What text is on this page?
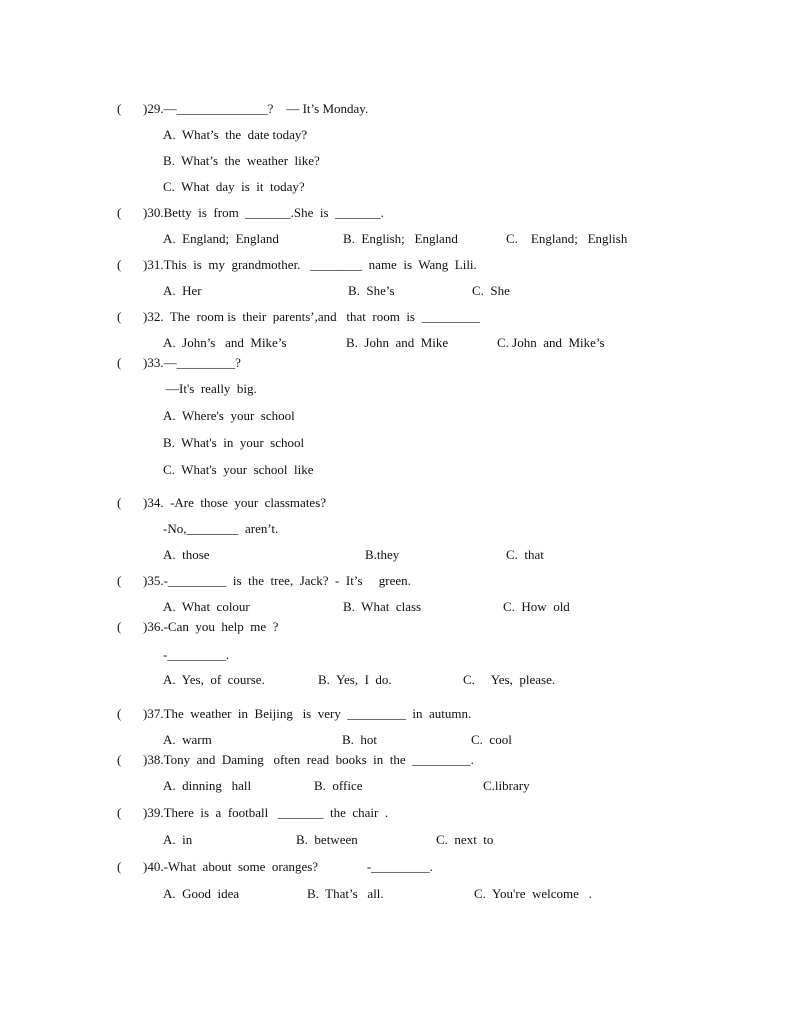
( )29.—______________?    — It’s Monday.
A.  What’s  the  date today?
B.  What’s  the  weather  like?
C.  What  day  is  it  today?
( )30.Betty  is  from  _______.She  is  _______.
A.  England;  England	B.  English;   England	C.    England;   English
( )31.This  is  my  grandmother.   ________  name  is  Wang  Lili.
A.  Her	B.  She’s	C.  She
( )32.  The  room is  their  parents’,and   that  room  is  _________
A.  John’s   and  Mike’s	B.  John  and  Mike	C. John  and  Mike’s
( )33.—_________?
—It's  really  big.
A.  Where's  your  school
B.  What's  in  your  school
C.  What's  your  school  like
( )34.  -Are  those  your  classmates?
-No,________  aren’t.
A.  those	B.they	C.  that
( )35.-_________  is  the  tree,  Jack?  -  It’s     green.
A.  What  colour	B.  What  class	C.  How  old
( )36.-Can  you  help  me  ?
-_________.
A.  Yes,  of  course.	B.  Yes,  I  do.	C.     Yes,  please.
( )37.The  weather  in  Beijing   is  very  _________  in  autumn.
A.  warm	B.  hot	C.  cool
( )38.Tony  and  Daming   often  read  books  in  the  _________.
A.  dinning   hall	B.  office	C.library
( )39.There  is  a  football   _______  the  chair  .
A.  in	B.  between	C.  next  to
( )40.-What  about  some  oranges?               -_________.
A.  Good  idea	B.  That’s   all.	C.  You're  welcome   .
